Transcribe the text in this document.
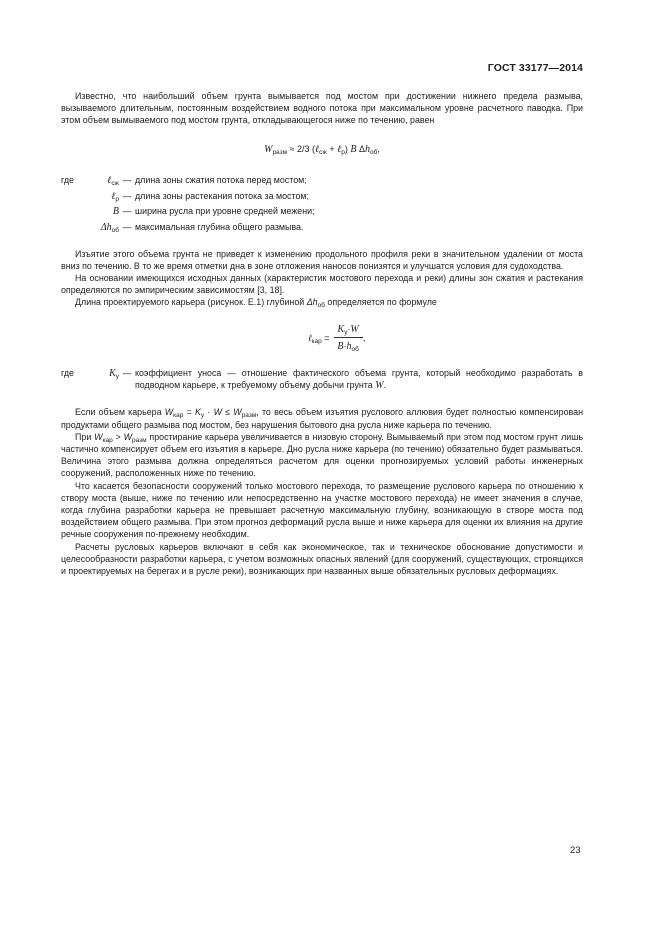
ГОСТ 33177—2014

Известно, что наибольший объем грунта вымывается под мостом при достижении нижнего предела размыва, вызываемого длительным, постоянным воздействием водного потока при максимальном уровне расчетного паводка. При этом объем вымываемого под мостом грунта, откладывающегося ниже по течению, равен

$W_{разм} \approx 2/3$ (ℓ$_{сж}$ + ℓ$_р$) B $\Delta h_{об}$,
где	ℓ$_{сж}$ — длина зоны сжатия потока перед мостом;
ℓ$_р$ — длина зоны растекания потока за мостом;
B — ширина русла при уровне средней межени;
$\Delta h_{об}$ — максимальная глубина общего размыва.

Изъятие этого объема грунта не приведет к изменению продольного профиля реки в значительном удалении от моста вниз по течению. В то же время отметки дна в зоне отложения наносов понизятся и улучшатся условия для судоходства.

На основании имеющихся исходных данных (характеристик мостового перехода и реки) длины зон сжатия и растекания определяются по эмпирическим зависимостям [3, 18].

Длина проектируемого карьера (рисунок. Е.1) глубиной $\Delta h_{об}$ определяется по формуле

ℓ$_{кар}$ = $\frac{K_у\cdot W}{B\cdot h_{об}}$ ,
где	$K_у$ — коэффициент уноса — отношение фактического объема грунта, который необходимо разработать в подводном карьере, к требуемому объему добычи грунта W.

Если объем карьера $W_{кар} = K_у \cdot W \le W_{разм}$, то весь объем изъятия руслового аллювия будет полностью компенсирован продуктами общего размыва под мостом, без нарушения бытового дна русла ниже карьера по течению.

При $W_{кар} > W_{разм}$ простирание карьера увеличивается в низовую сторону. Вымываемый при этом под мостом грунт лишь частично компенсирует объем его изъятия в карьере. Дно русла ниже карьера (по течению) обязательно будет размываться. Величина этого размыва должна определяться расчетом для оценки прогнозируемых условий работы инженерных сооружений, расположенных ниже по течению.

Что касается безопасности сооружений только мостового перехода, то размещение руслового карьера по отношению к створу моста (выше, ниже по течению или непосредственно на участке мостового перехода) не имеет значения в случае, когда глубина разработки карьера не превышает расчетную максимальную глубину, возникающую в створе моста под воздействием общего размыва. При этом прогноз деформаций русла выше и ниже карьера для оценки их влияния на другие речные сооружения по-прежнему необходим.

Расчеты русловых карьеров включают в себя как экономическое, так и техническое обоснование допустимости и целесообразности разработки карьера, с учетом возможных опасных явлений (для сооружений, существующих, строящихся и проектируемых на берегах и в русле реки), возникающих при названных выше обязательных русловых деформациях.

23
